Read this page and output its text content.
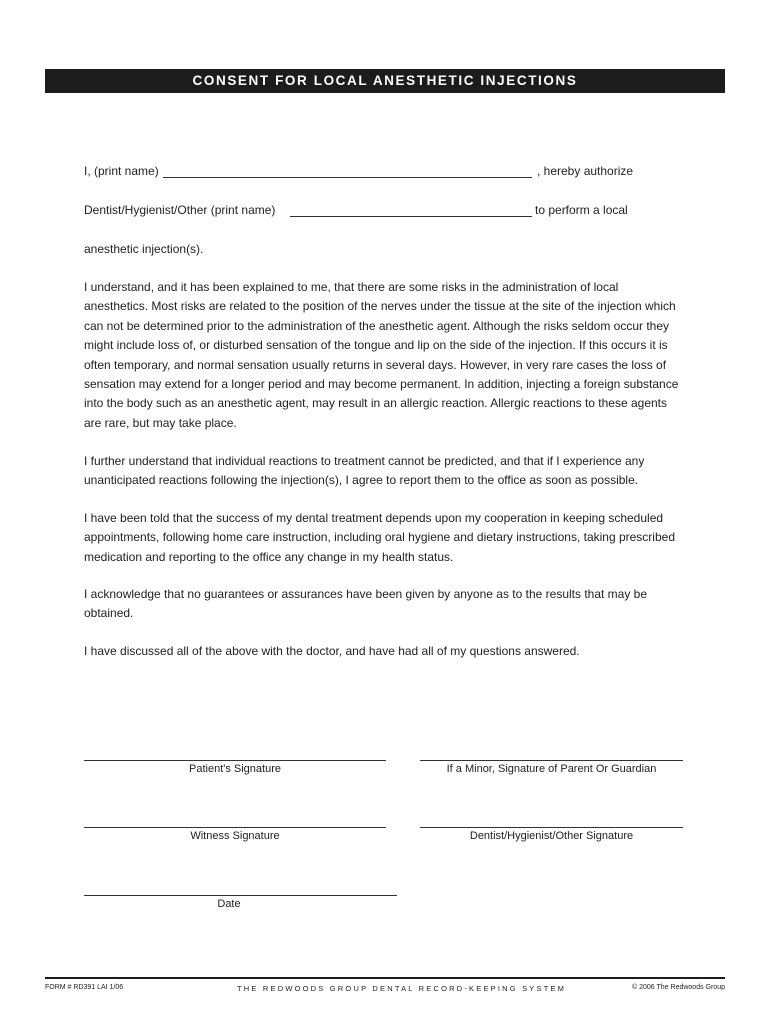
CONSENT FOR LOCAL ANESTHETIC INJECTIONS
I, (print name)	, hereby authorize
Dentist/Hygienist/Other (print name)	to perform a local
anesthetic injection(s).

I understand, and it has been explained to me, that there are some risks in the administration of local anesthetics. Most risks are related to the position of the nerves under the tissue at the site of the injection which can not be determined prior to the administration of the anesthetic agent. Although the risks seldom occur they might include loss of, or disturbed sensation of the tongue and lip on the side of the injection. If this occurs it is often temporary, and normal sensation usually returns in several days. However, in very rare cases the loss of sensation may extend for a longer period and may become permanent. In addition, injecting a foreign substance into the body such as an anesthetic agent, may result in an allergic reaction. Allergic reactions to these agents are rare, but may take place.

I further understand that individual reactions to treatment cannot be predicted, and that if I experience any unanticipated reactions following the injection(s), I agree to report them to the office as soon as possible.

I have been told that the success of my dental treatment depends upon my cooperation in keeping scheduled appointments, following home care instruction, including oral hygiene and dietary instructions, taking prescribed medication and reporting to the office any change in my health status.

I acknowledge that no guarantees or assurances have been given by anyone as to the results that may be obtained.

I have discussed all of the above with the doctor, and have had all of my questions answered.

Patient's Signature	If a Minor, Signature of Parent Or Guardian
Witness Signature	Dentist/Hygienist/Other Signature
Date
FORM # RD391 LAI 1/06	THE REDWOODS GROUP DENTAL RECORD-KEEPING SYSTEM	© 2006 The Redwoods Group
